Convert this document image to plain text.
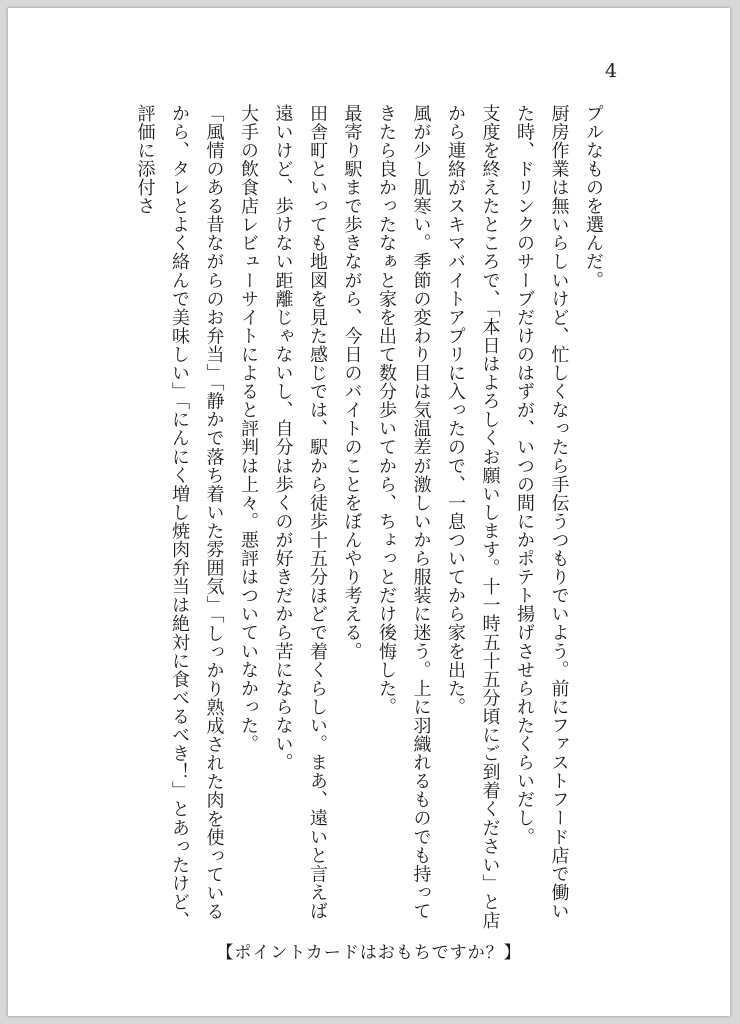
4

プルなものを選んだ。

厨房作業は無いらしいけど、忙しくなったら手伝うつもりでいよう。前にファストフード店で働いた時、ドリンクのサーブだけのはずが、いつの間にかポテト揚げさせられたくらいだし。

支度を終えたところで、「本日はよろしくお願いします。十一時五十五分頃にご到着ください」と店から連絡がスキマバイトアプリに入ったので、一息ついてから家を出た。

風が少し肌寒い。季節の変わり目は気温差が激しいから服装に迷う。上に羽織れるものでも持ってきたら良かったなぁと家を出て数分歩いてから、ちょっとだけ後悔した。

最寄り駅まで歩きながら、今日のバイトのことをぼんやり考える。

田舎町といっても地図を見た感じでは、駅から徒歩十五分ほどで着くらしい。まあ、遠いと言えば遠いけど、歩けない距離じゃないし、自分は歩くのが好きだから苦にならない。

大手の飲食店レビューサイトによると評判は上々。悪評はついていなかった。

「風情のある昔ながらのお弁当」「静かで落ち着いた雰囲気」「しっかり熟成された肉を使っているから、タレとよく絡んで美味しい」「にんにく増し焼肉弁当は絶対に食べるべき！」とあったけど、評価に添付さ

【ポイントカードはおもちですか？】
